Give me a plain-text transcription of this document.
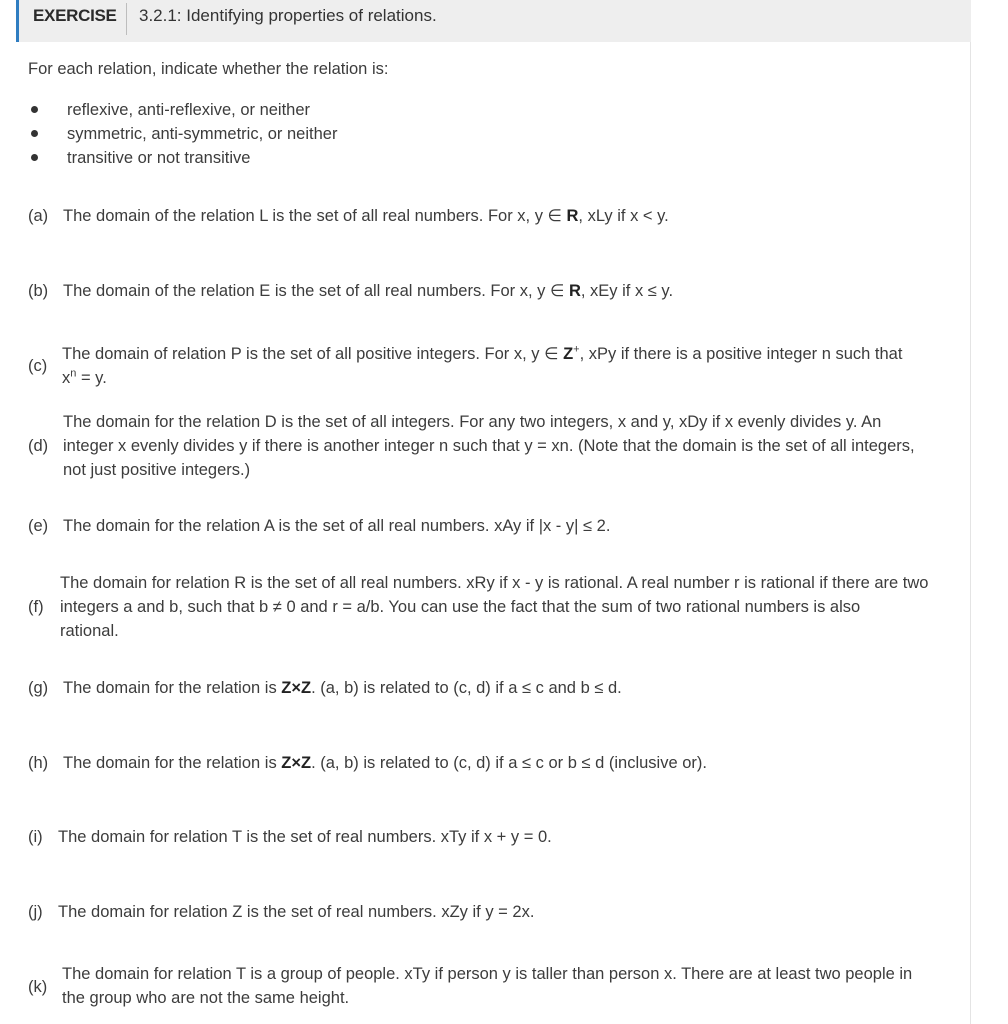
EXERCISE 3.2.1: Identifying properties of relations.
For each relation, indicate whether the relation is:
reflexive, anti-reflexive, or neither
symmetric, anti-symmetric, or neither
transitive or not transitive
(a) The domain of the relation L is the set of all real numbers. For x, y ∈ R, xLy if x < y.
(b) The domain of the relation E is the set of all real numbers. For x, y ∈ R, xEy if x ≤ y.
(c)
The domain of relation P is the set of all positive integers. For x, y ∈ Z+, xPy if there is a positive integer n such that
$x^n = y$.
(d)
The domain for the relation D is the set of all integers. For any two integers, x and y, xDy if x evenly divides y. An
integer x evenly divides y if there is another integer n such that y = xn. (Note that the domain is the set of all integers,
not just positive integers.)
(e) The domain for the relation A is the set of all real numbers. xAy if |x - y| ≤ 2.
(f)
The domain for relation R is the set of all real numbers. xRy if x - y is rational. A real number r is rational if there are two
integers a and b, such that b ≠ 0 and r = a/b. You can use the fact that the sum of two rational numbers is also
rational.
(g) The domain for the relation is Z×Z. (a, b) is related to (c, d) if a ≤ c and b ≤ d.
(h) The domain for the relation is Z×Z. (a, b) is related to (c, d) if a ≤ c or b ≤ d (inclusive or).
(i) The domain for relation T is the set of real numbers. xTy if x + y = 0.
(j) The domain for relation Z is the set of real numbers. xZy if y = 2x.
(k)
The domain for relation T is a group of people. xTy if person y is taller than person x. There are at least two people in
the group who are not the same height.
